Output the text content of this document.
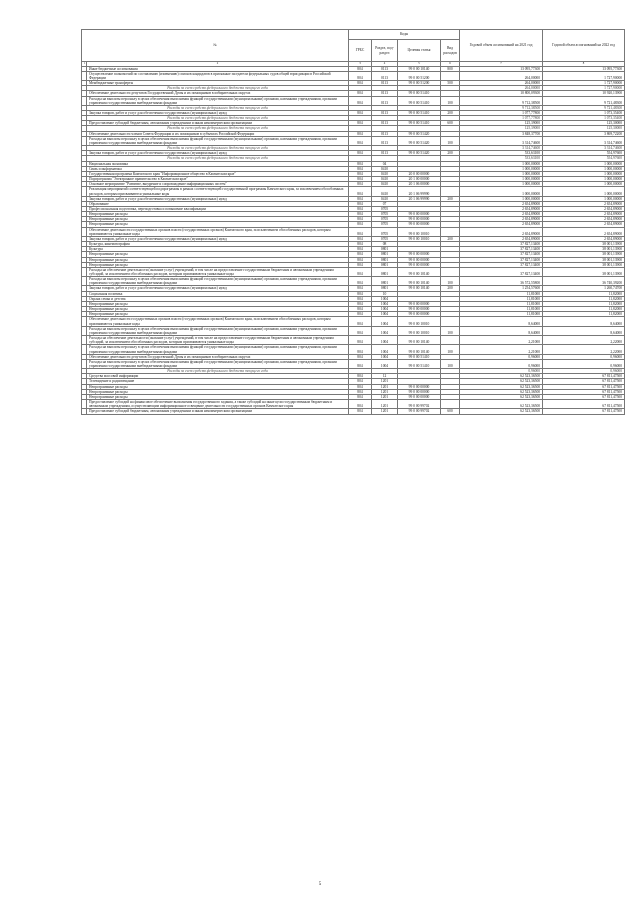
№		Коды				Годовой объем ассигнований на 2021 год	Годовой объем ассигнований на 2022 год
		ГРБС	Раздел, под-раздел	Целевая статья	Вид расходов		
1	2	3	4	5	6	7	8
	Иные бюджетные ассигнования	804	0113	99 0 00 10140	800	13 095,77300	13 095,77300
	Осуществление полномочий по составлению (изменению) списков кандидатов в присяжные заседатели федеральных судов общей юрисдикции в Российской Федерации	804	0113	99 0 00 51200		264,00000	1 727,90000
	Межбюджетные трансферты	804	0113	99 0 00 51200	500	264,00000	1 727,90000
	Расходы за счет средств федерального бюджета текущего года					264,00000	1 727,90000
	Обеспечение деятельности депутатов Государственной Думы и их помощников в избирательных округах	804	0113	99 0 00 51410		10 800,09300	10 920,13900
	Расходы на выплаты персоналу в целях обеспечения выполнения функций государственными (муниципальными) органами, казенными учреждениями, органами управления государственными внебюджетными фондами	804	0113	99 0 00 51410	100	9 712,38500	9 721,48300
	Расходы за счет средств федерального бюджета текущего года					9 712,38500	9 721,48300
	Закупка товаров, работ и услуг для обеспечения государственных (муниципальных) нужд	804	0113	99 0 00 51410	200	1 077,77800	1 073,35400
	Расходы за счет средств федерального бюджета текущего года					1 077,77800	1 073,35400
	Предоставление субсидий бюджетным, автономным учреждениям и иным некоммерческим организациям	804	0113	99 0 00 51410	600	125,39000	125,30000
	Расходы за счет средств федерального бюджета текущего года					125,39000	125,30000
	Обеспечение деятельности членов Совета Федерации и их помощников в субъектах Российской Федерации	804	0113	99 0 00 51420		3 848,37700	3 869,72200
	Расходы на выплаты персоналу в целях обеспечения выполнения функций государственными (муниципальными) органами, казенными учреждениями, органами управления государственными внебюджетными фондами	804	0113	99 0 00 51420	100	3 314,74600	3 314,74600
	Расходы за счет средств федерального бюджета текущего года					3 314,74600	3 314,74600
	Закупка товаров, работ и услуг для обеспечения государственных (муниципальных) нужд	804	0113	99 0 00 51420	200	533,63100	554,97600
	Расходы за счет средств федерального бюджета текущего года					533,63100	554,97600
	Национальная экономика	804	04			1 000,00000	1 000,00000
	Связь и информатика	804	0410			1 000,00000	1 000,00000
	Государственная программа Камчатского края "Информационное общество в Камчатском крае"	804	0410	20 0 00 00000		1 000,00000	1 000,00000
	Подпрограмма "Электронное правительство в Камчатском крае"	804	0410	20 1 00 00000		1 000,00000	1 000,00000
	Основное мероприятие "Развитие, внедрение и сопровождение информационных систем"	804	0410	20 1 06 00000		1 000,00000	1 000,00000
	Реализация мероприятий соответствующей подпрограммы в рамках соответствующей государственной программы Камчатского края, за исключением обособленных расходов, которым присваиваются уникальные коды	804	0410	20 1 06 99990		1 000,00000	1 000,00000
	Закупка товаров, работ и услуг для обеспечения государственных (муниципальных) нужд	804	0410	20 1 06 99990	200	1 000,00000	1 000,00000
	Образование	804	07			2 654,89000	2 654,89000
	Профессиональная подготовка, переподготовка и повышение квалификации	804	0705			2 654,89000	2 654,89000
	Непрограммные расходы	804	0705	99 0 00 00000		2 654,89000	2 654,89000
	Непрограммные расходы	804	0705	99 0 00 00000		2 654,89000	2 654,89000
	Непрограммные расходы	804	0705	99 0 00 00000		2 654,89000	2 654,89000
	Обеспечение деятельности государственных органов власти (государственных органов) Камчатского края, за исключением обособленных расходов, которым присваиваются уникальные коды	804	0705	99 0 00 10010		2 654,89000	2 654,89000
	Закупка товаров, работ и услуг для обеспечения государственных (муниципальных) нужд	804	0705	99 0 00 10010	200	2 654,89000	2 654,89000
	Культура, кинематография	804	08			37 827,13400	38 001,13900
	Культура	804	0801			37 827,13400	38 001,13900
	Непрограммные расходы	804	0801	99 0 00 00000		37 827,13400	38 001,13900
	Непрограммные расходы	804	0801	99 0 00 00000		37 827,13400	38 001,13900
	Непрограммные расходы	804	0801	99 0 00 00000		37 827,13400	38 001,13900
	Расходы на обеспечение деятельности (оказание услуг) учреждений, в том числе на предоставление государственным бюджетным и автономным учреждениям субсидий, за исключением обособленных расходов, которым присваиваются уникальные коды	804	0801	99 0 00 10140		37 827,13400	38 001,13900
	Расходы на выплаты персоналу в целях обеспечения выполнения функций государственными (муниципальными) органами, казенными учреждениями, органами управления государственными внебюджетными фондами	804	0801	99 0 00 10140	100	36 572,55800	36 740,39200
	Закупка товаров, работ и услуг для обеспечения государственных (муниципальных) нужд	804	0801	99 0 00 10140	200	1 254,57600	1 260,74700
	Социальная политика	804	10			11,81000	11,82000
	Охрана семьи и детства	804	1004			11,81000	11,82000
	Непрограммные расходы	804	1004	99 0 00 00000		11,81000	11,82000
	Непрограммные расходы	804	1004	99 0 00 00000		11,81000	11,82000
	Непрограммные расходы	804	1004	99 0 00 00000		11,81000	11,82000
	Обеспечение деятельности государственных органов власти (государственных органов) Камчатского края, за исключением обособленных расходов, которым присваиваются уникальные коды	804	1004	99 0 00 10010		8,64000	8,64000
	Расходы на выплаты персоналу в целях обеспечения выполнения функций государственными (муниципальными) органами, казенными учреждениями, органами управления государственными внебюджетными фондами	804	1004	99 0 00 10010	100	8,64000	8,64000
	Расходы на обеспечение деятельности (оказание услуг) учреждений, в том числе на предоставление государственным бюджетным и автономным учреждениям субсидий, за исключением обособленных расходов, которым присваиваются уникальные коды	804	1004	99 0 00 10140		2,21000	2,22000
	Расходы на выплаты персоналу в целях обеспечения выполнения функций государственными (муниципальными) органами, казенными учреждениями, органами управления государственными внебюджетными фондами	804	1004	99 0 00 10140	100	2,21000	2,22000
	Обеспечение деятельности депутатов Государственной Думы и их помощников в избирательных округах	804	1004	99 0 00 51410		0,96000	0,96000
	Расходы на выплаты персоналу в целях обеспечения выполнения функций государственными (муниципальными) органами, казенными учреждениями, органами управления государственными внебюджетными фондами	804	1004	99 0 00 51410	100	0,96000	0,96000
	Расходы за счет средств федерального бюджета текущего года					0,96000	0,96000
	Средства массовой информации	804	12			62 523,36500	67 811,47500
	Телевидение и радиовещание	804	1201			62 523,36500	67 811,47500
	Непрограммные расходы	804	1201	99 0 00 00000		62 523,36500	67 811,47500
	Непрограммные расходы	804	1201	99 0 00 00000		62 523,36500	67 811,47500
	Непрограммные расходы	804	1201	99 0 00 00000		62 523,36500	67 811,47500
	Предоставление субсидий на финансовое обеспечение выполнения государственного задания, а также субсидий на иные цели государственным бюджетным и автономным учреждениям, осуществляющим информационное освещение деятельности государственных органов Камчатского края	804	1201	99 0 00 99702		62 523,36500	67 811,47500
	Предоставление субсидий бюджетным, автономным учреждениям и иным некоммерческим организациям	804	1201	99 0 00 99702	600	62 523,36500	67 811,47500
5
